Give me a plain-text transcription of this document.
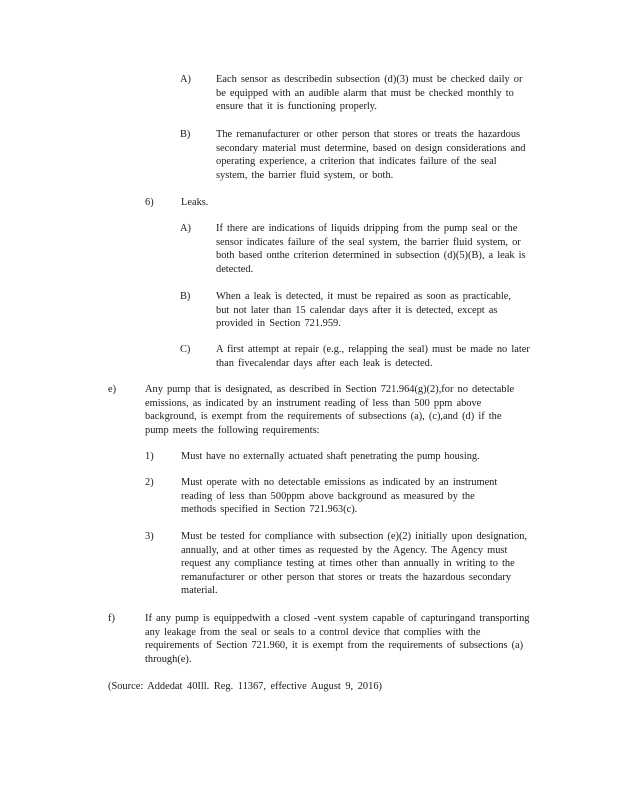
A) Each sensor as describedin subsection (d)(3) must be checked daily or be equipped with an audible alarm that must be checked monthly to ensure that it is functioning properly.
B) The remanufacturer or other person that stores or treats the hazardous secondary material must determine, based on design considerations and operating experience, a criterion that indicates failure of the seal system, the barrier fluid system, or both.
6)	Leaks.
A) If there are indications of liquids dripping from the pump seal or the sensor indicates failure of the seal system, the barrier fluid system, or both based onthe criterion determined in subsection (d)(5)(B), a leak is detected.
B) When a leak is detected, it must be repaired as soon as practicable, but not later than 15 calendar days after it is detected, except as provided in Section 721.959.
C) A first attempt at repair (e.g., relapping the seal) must be made no later than fivecalendar days after each leak is detected.
e)	Any pump that is designated, as described in Section 721.964(g)(2),for no detectable emissions, as indicated by an instrument reading of less than 500 ppm above background, is exempt from the requirements of subsections (a), (c),and (d) if the pump meets the following requirements:
1)	Must have no externally actuated shaft penetrating the pump housing.
2)	Must operate with no detectable emissions as indicated by an instrument reading of less than 500ppm above background as measured by the methods specified in Section 721.963(c).
3)	Must be tested for compliance with subsection (e)(2) initially upon designation, annually, and at other times as requested by the Agency. The Agency must request any compliance testing at times other than annually in writing to the remanufacturer or other person that stores or treats the hazardous secondary material.
f)	If any pump is equippedwith a closed -vent system capable of capturingand transporting any leakage from the seal or seals to a control device that complies with the requirements of Section 721.960, it is exempt from the requirements of subsections (a) through(e).
(Source: Addedat 40Ill. Reg. 11367, effective August 9, 2016)
